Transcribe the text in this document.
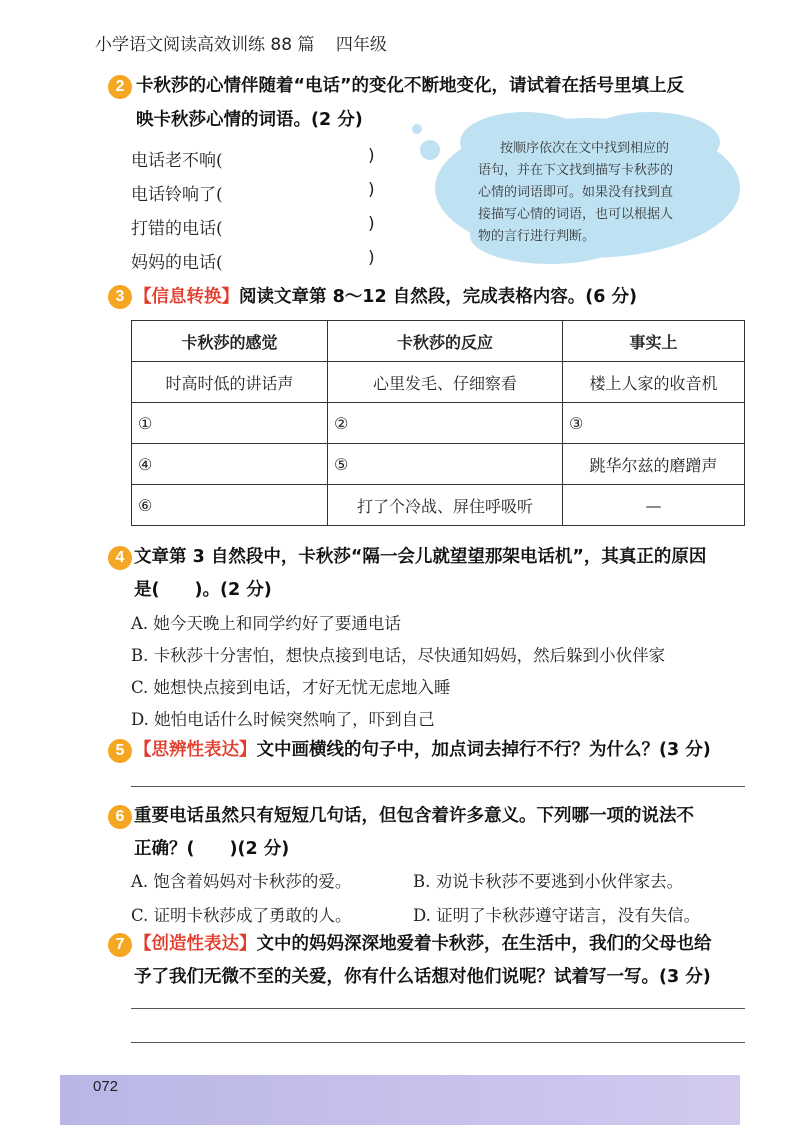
小学语文阅读高效训练 88 篇 四年级
2 卡秋莎的心情伴随着“电话”的变化不断地变化，请试着在括号里填上反
映卡秋莎心情的词语。(2 分)
电话老不响(	)
电话铃响了(	)
打错的电话(	)
妈妈的电话(	)
按顺序依次在文中找到相应的
语句，并在下文找到描写卡秋莎的
心情的词语即可。如果没有找到直
接描写心情的词语，也可以根据人
物的言行进行判断。
3 【信息转换】阅读文章第 8～12 自然段，完成表格内容。(6 分)
卡秋莎的感觉	卡秋莎的反应	事实上
时高时低的讲话声	心里发毛、仔细察看	楼上人家的收音机
①	②	③
④	⑤	跳华尔兹的磨蹭声
⑥	打了个冷战、屏住呼吸听	—
4 文章第 3 自然段中，卡秋莎“隔一会儿就望望那架电话机”，其真正的原因
是(　　)。(2 分)
A. 她今天晚上和同学约好了要通电话
B. 卡秋莎十分害怕，想快点接到电话，尽快通知妈妈，然后躲到小伙伴家
C. 她想快点接到电话，才好无忧无虑地入睡
D. 她怕电话什么时候突然响了，吓到自己
5 【思辨性表达】文中画横线的句子中，加点词去掉行不行？为什么？(3 分)
6 重要电话虽然只有短短几句话，但包含着许多意义。下列哪一项的说法不
正确？(　　)(2 分)
A. 饱含着妈妈对卡秋莎的爱。	B. 劝说卡秋莎不要逃到小伙伴家去。
C. 证明卡秋莎成了勇敢的人。	D. 证明了卡秋莎遵守诺言，没有失信。
7 【创造性表达】文中的妈妈深深地爱着卡秋莎，在生活中，我们的父母也给
予了我们无微不至的关爱，你有什么话想对他们说呢？试着写一写。(3 分)
072
